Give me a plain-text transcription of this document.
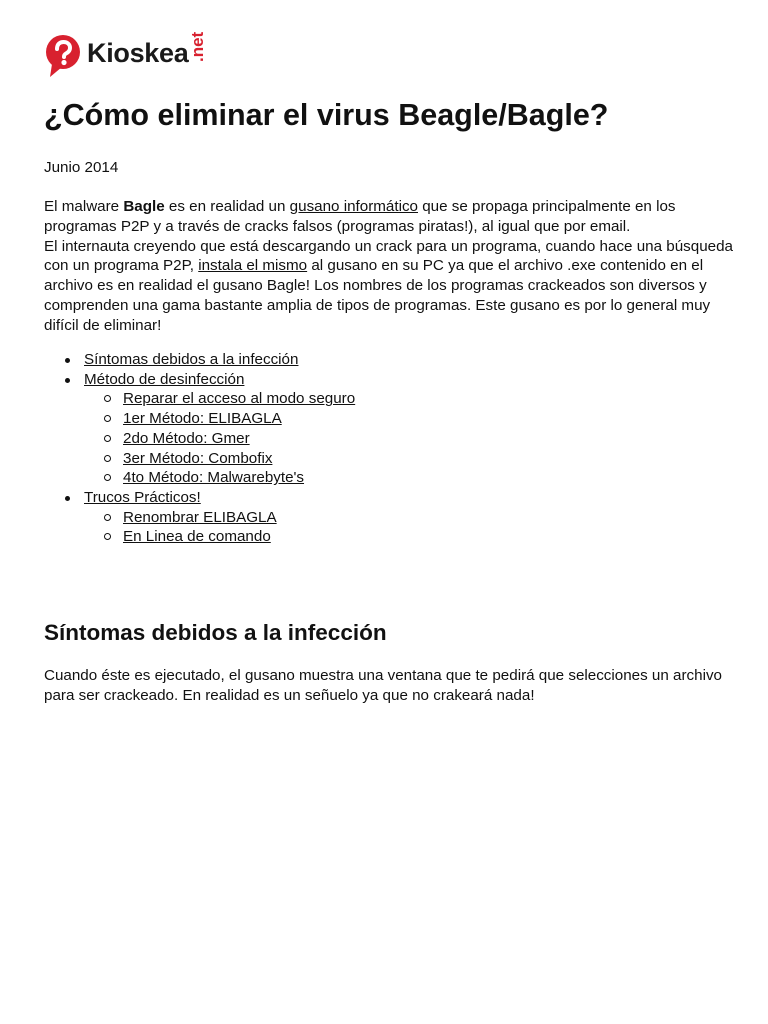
Kioskea .net
¿Cómo eliminar el virus Beagle/Bagle?

Junio 2014

El malware Bagle es en realidad un gusano informático que se propaga principalmente en los programas P2P y a través de cracks falsos (programas piratas!), al igual que por email.
El internauta creyendo que está descargando un crack para un programa, cuando hace una búsqueda con un programa P2P, instala el mismo al gusano en su PC ya que el archivo .exe contenido en el archivo es en realidad el gusano Bagle! Los nombres de los programas crackeados son diversos y comprenden una gama bastante amplia de tipos de programas. Este gusano es por lo general muy difícil de eliminar!

Síntomas debidos a la infección
Método de desinfección
Reparar el acceso al modo seguro
1er Método: ELIBAGLA
2do Método: Gmer
3er Método: Combofix
4to Método: Malwarebyte's
Trucos Prácticos!
Renombrar ELIBAGLA
En Linea de comando
Síntomas debidos a la infección

Cuando éste es ejecutado, el gusano muestra una ventana que te pedirá que selecciones un archivo para ser crackeado. En realidad es un señuelo ya que no crakeará nada!
